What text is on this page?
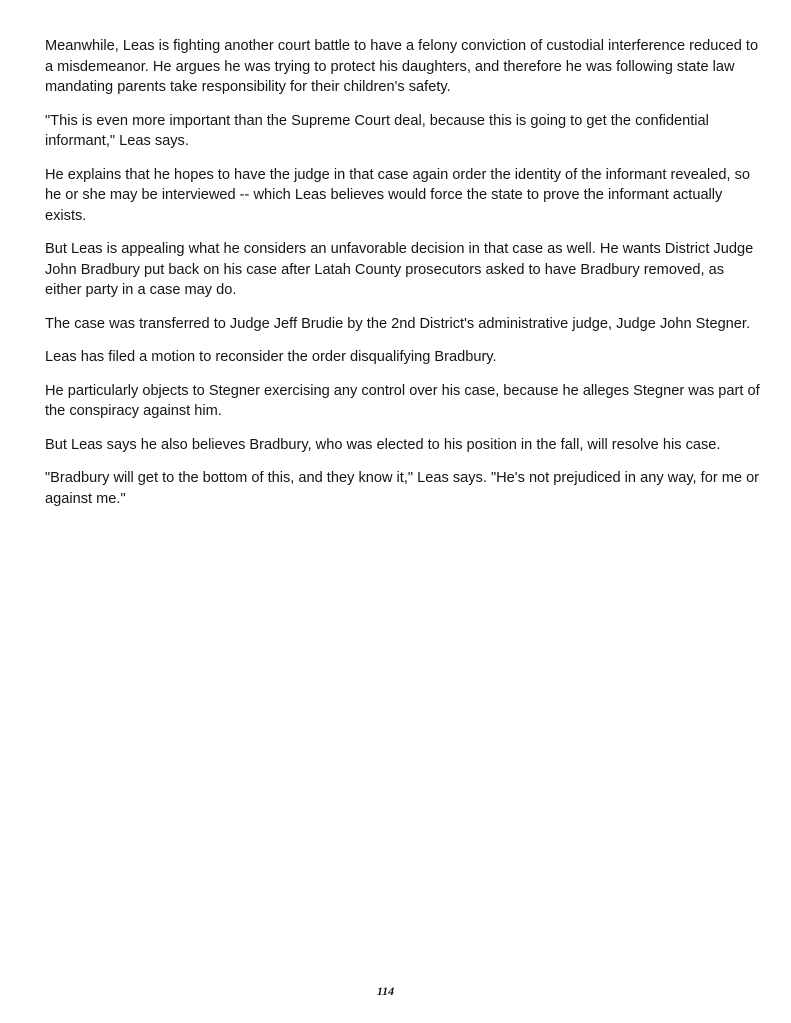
Meanwhile, Leas is fighting another court battle to have a felony conviction of custodial interference reduced to a misdemeanor. He argues he was trying to protect his daughters, and therefore he was following state law mandating parents take responsibility for their children's safety.

"This is even more important than the Supreme Court deal, because this is going to get the confidential informant," Leas says.

He explains that he hopes to have the judge in that case again order the identity of the informant revealed, so he or she may be interviewed -- which Leas believes would force the state to prove the informant actually exists.

But Leas is appealing what he considers an unfavorable decision in that case as well. He wants District Judge John Bradbury put back on his case after Latah County prosecutors asked to have Bradbury removed, as either party in a case may do.

The case was transferred to Judge Jeff Brudie by the 2nd District's administrative judge, Judge John Stegner.

Leas has filed a motion to reconsider the order disqualifying Bradbury.

He particularly objects to Stegner exercising any control over his case, because he alleges Stegner was part of the conspiracy against him.

But Leas says he also believes Bradbury, who was elected to his position in the fall, will resolve his case.

"Bradbury will get to the bottom of this, and they know it," Leas says. "He's not prejudiced in any way, for me or against me."

114
